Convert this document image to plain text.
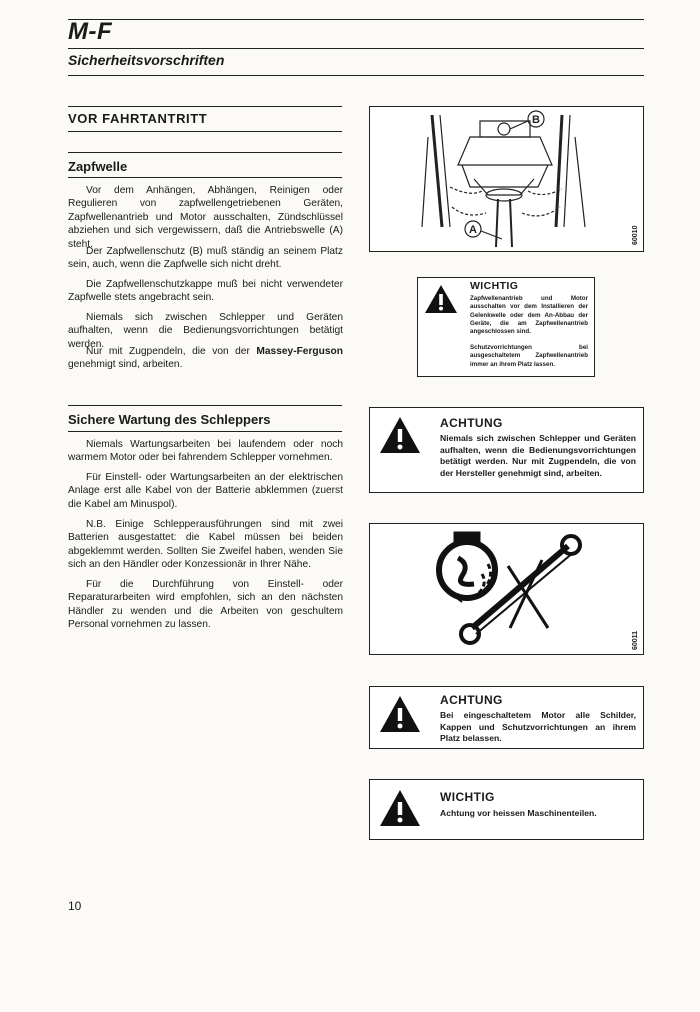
M-F
Sicherheitsvorschriften
VOR FAHRTANTRITT
Zapfwelle

Vor dem Anhängen, Abhängen, Reinigen oder Regulieren von zapfwellengetriebenen Geräten, Zapfwellenantrieb und Motor ausschalten, Zündschlüssel abziehen und sich vergewissern, daß die Antriebswelle (A) steht.

Der Zapfwellenschutz (B) muß ständig an seinem Platz sein, auch, wenn die Zapfwelle sich nicht dreht.

Die Zapfwellenschutzkappe muß bei nicht verwendeter Zapfwelle stets angebracht sein.

Niemals sich zwischen Schlepper und Geräten aufhalten, wenn die Bedienungsvorrichtungen betätigt werden.

Nur mit Zugpendeln, die von der Massey-Ferguson genehmigt sind, arbeiten.

Sichere Wartung des Schleppers

Niemals Wartungsarbeiten bei laufendem oder noch warmem Motor oder bei fahrendem Schlepper vornehmen.

Für Einstell- oder Wartungsarbeiten an der elektrischen Anlage erst alle Kabel von der Batterie abklemmen (zuerst die Kabel am Minuspol).

N.B. Einige Schlepperausführungen sind mit zwei Batterien ausgestattet: die Kabel müssen bei beiden abgeklemmt werden. Sollten Sie Zweifel haben, wenden Sie sich an den Händler oder Konzessionär in Ihrer Nähe.

Für die Durchführung von Einstell- oder Reparaturarbeiten wird empfohlen, sich an den nächsten Händler zu wenden und die Arbeiten von geschultem Personal vornehmen zu lassen.

A
B
60010
WICHTIG

Zapfwellenantrieb und Motor ausschalten vor dem Installieren der Gelenkwelle oder dem An-Abbau der Geräte, die am Zapfwellenantrieb angeschlossen sind.

Schutzvorrichtungen bei ausgeschaltetem Zapfwellenantrieb immer an ihrem Platz lassen.

ACHTUNG

Niemals sich zwischen Schlepper und Geräten aufhalten, wenn die Bedienungsvorrichtungen betätigt werden. Nur mit Zugpendeln, die von der Hersteller genehmigt sind, arbeiten.

60011
ACHTUNG

Bei eingeschaltetem Motor alle Schilder, Kappen und Schutzvorrichtungen an ihrem Platz belassen.

WICHTIG

Achtung vor heissen Maschinenteilen.

10
